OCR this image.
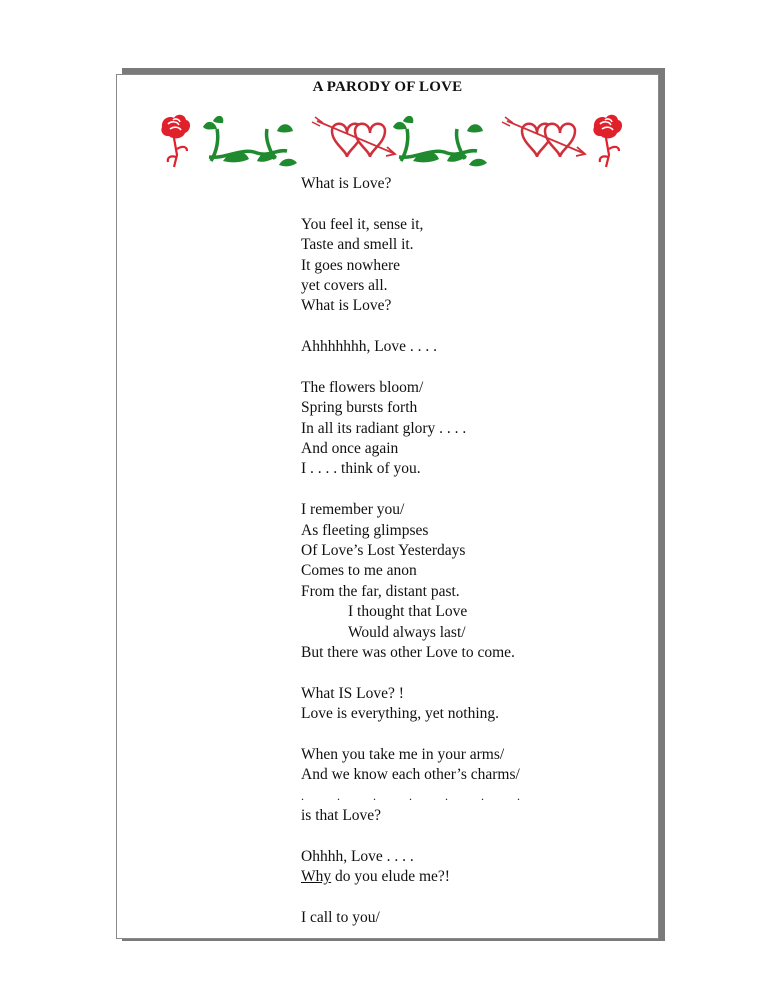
A PARODY OF LOVE
What is Love?
You feel it, sense it,
Taste and smell it.
It goes nowhere
yet covers all.
What is Love?
Ahhhhhhh, Love . . . .
The flowers bloom/
Spring bursts forth
In all its radiant glory . . . .
And once again
I . . . . think of you.
I remember you/
As fleeting glimpses
Of Love’s Lost Yesterdays
Comes to me anon
From the far, distant past.
I thought that Love
Would always last/
But there was other Love to come.
What IS Love? !
Love is everything, yet nothing.
When you take me in your arms/
And we know each other’s charms/
. . . . . . .
is that Love?
Ohhhh, Love . . . .
Why do you elude me?!
I call to you/
